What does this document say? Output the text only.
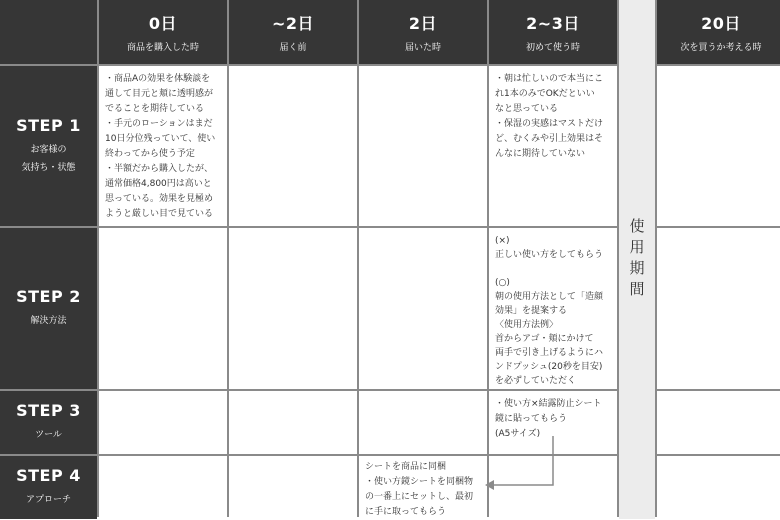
0日
商品を購入した時
~2日
届く前
2日
届いた時
2~3日
初めて使う時
使用期間
20日
次を買うか考える時
STEP 1
お客様の
気持ち・状態
・商品Aの効果を体験談を
通して目元と頬に透明感が
でることを期待している
・手元のローションはまだ
10日分位残っていて、使い
終わってから使う予定
・半額だから購入したが、
通常価格4,800円は高いと
思っている。効果を見極め
ようと厳しい目で見ている
・朝は忙しいので本当にこ
れ1本のみでOKだといい
なと思っている
・保湿の実感はマストだけ
ど、むくみや引上効果はそ
んなに期待していない
STEP 2
解決方法
(×)
正しい使い方をしてもらう

(○)
朝の使用方法として「造顔
効果」を提案する
〈使用方法例〉
首からアゴ・頬にかけて
両手で引き上げるようにハ
ンドプッシュ(20秒を目安)
を必ずしていただく
STEP 3
ツール
・使い方×結露防止シート
鏡に貼ってもらう
(A5サイズ)
STEP 4
アプローチ
シートを商品に同梱
・使い方鏡シートを同梱物
の一番上にセットし、最初
に手に取ってもらう
